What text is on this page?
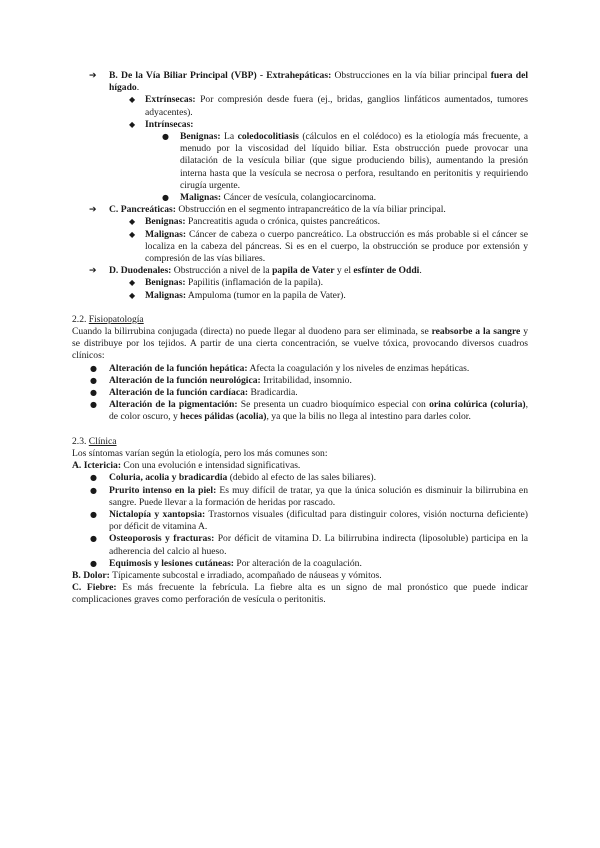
➔ B. De la Vía Biliar Principal (VBP) - Extrahepáticas: Obstrucciones en la vía biliar principal fuera del hígado.
◆ Extrínsecas: Por compresión desde fuera (ej., bridas, ganglios linfáticos aumentados, tumores adyacentes).
◆ Intrínsecas:
● Benignas: La coledocolitiasis (cálculos en el colédoco) es la etiología más frecuente, a menudo por la viscosidad del líquido biliar. Esta obstrucción puede provocar una dilatación de la vesícula biliar (que sigue produciendo bilis), aumentando la presión interna hasta que la vesícula se necrosa o perfora, resultando en peritonitis y requiriendo cirugía urgente.
● Malignas: Cáncer de vesícula, colangiocarcinoma.
➔ C. Pancreáticas: Obstrucción en el segmento intrapancreático de la vía biliar principal.
◆ Benignas: Pancreatitis aguda o crónica, quistes pancreáticos.
◆ Malignas: Cáncer de cabeza o cuerpo pancreático. La obstrucción es más probable si el cáncer se localiza en la cabeza del páncreas. Si es en el cuerpo, la obstrucción se produce por extensión y compresión de las vías biliares.
➔ D. Duodenales: Obstrucción a nivel de la papila de Vater y el esfínter de Oddi.
◆ Benignas: Papilitis (inflamación de la papila).
◆ Malignas: Ampuloma (tumor en la papila de Vater).
2.2. Fisiopatología
Cuando la bilirrubina conjugada (directa) no puede llegar al duodeno para ser eliminada, se reabsorbe a la sangre y se distribuye por los tejidos. A partir de una cierta concentración, se vuelve tóxica, provocando diversos cuadros clínicos:
● Alteración de la función hepática: Afecta la coagulación y los niveles de enzimas hepáticas.
● Alteración de la función neurológica: Irritabilidad, insomnio.
● Alteración de la función cardíaca: Bradicardia.
● Alteración de la pigmentación: Se presenta un cuadro bioquímico especial con orina colúrica (coluria), de color oscuro, y heces pálidas (acolia), ya que la bilis no llega al intestino para darles color.
2.3. Clínica
Los síntomas varían según la etiología, pero los más comunes son:
A. Ictericia: Con una evolución e intensidad significativas.
● Coluria, acolia y bradicardia (debido al efecto de las sales biliares).
● Prurito intenso en la piel: Es muy difícil de tratar, ya que la única solución es disminuir la bilirrubina en sangre. Puede llevar a la formación de heridas por rascado.
● Nictalopía y xantopsia: Trastornos visuales (dificultad para distinguir colores, visión nocturna deficiente) por déficit de vitamina A.
● Osteoporosis y fracturas: Por déficit de vitamina D. La bilirrubina indirecta (liposoluble) participa en la adherencia del calcio al hueso.
● Equimosis y lesiones cutáneas: Por alteración de la coagulación.
B. Dolor: Típicamente subcostal e irradiado, acompañado de náuseas y vómitos.
C. Fiebre: Es más frecuente la febrícula. La fiebre alta es un signo de mal pronóstico que puede indicar complicaciones graves como perforación de vesícula o peritonitis.
